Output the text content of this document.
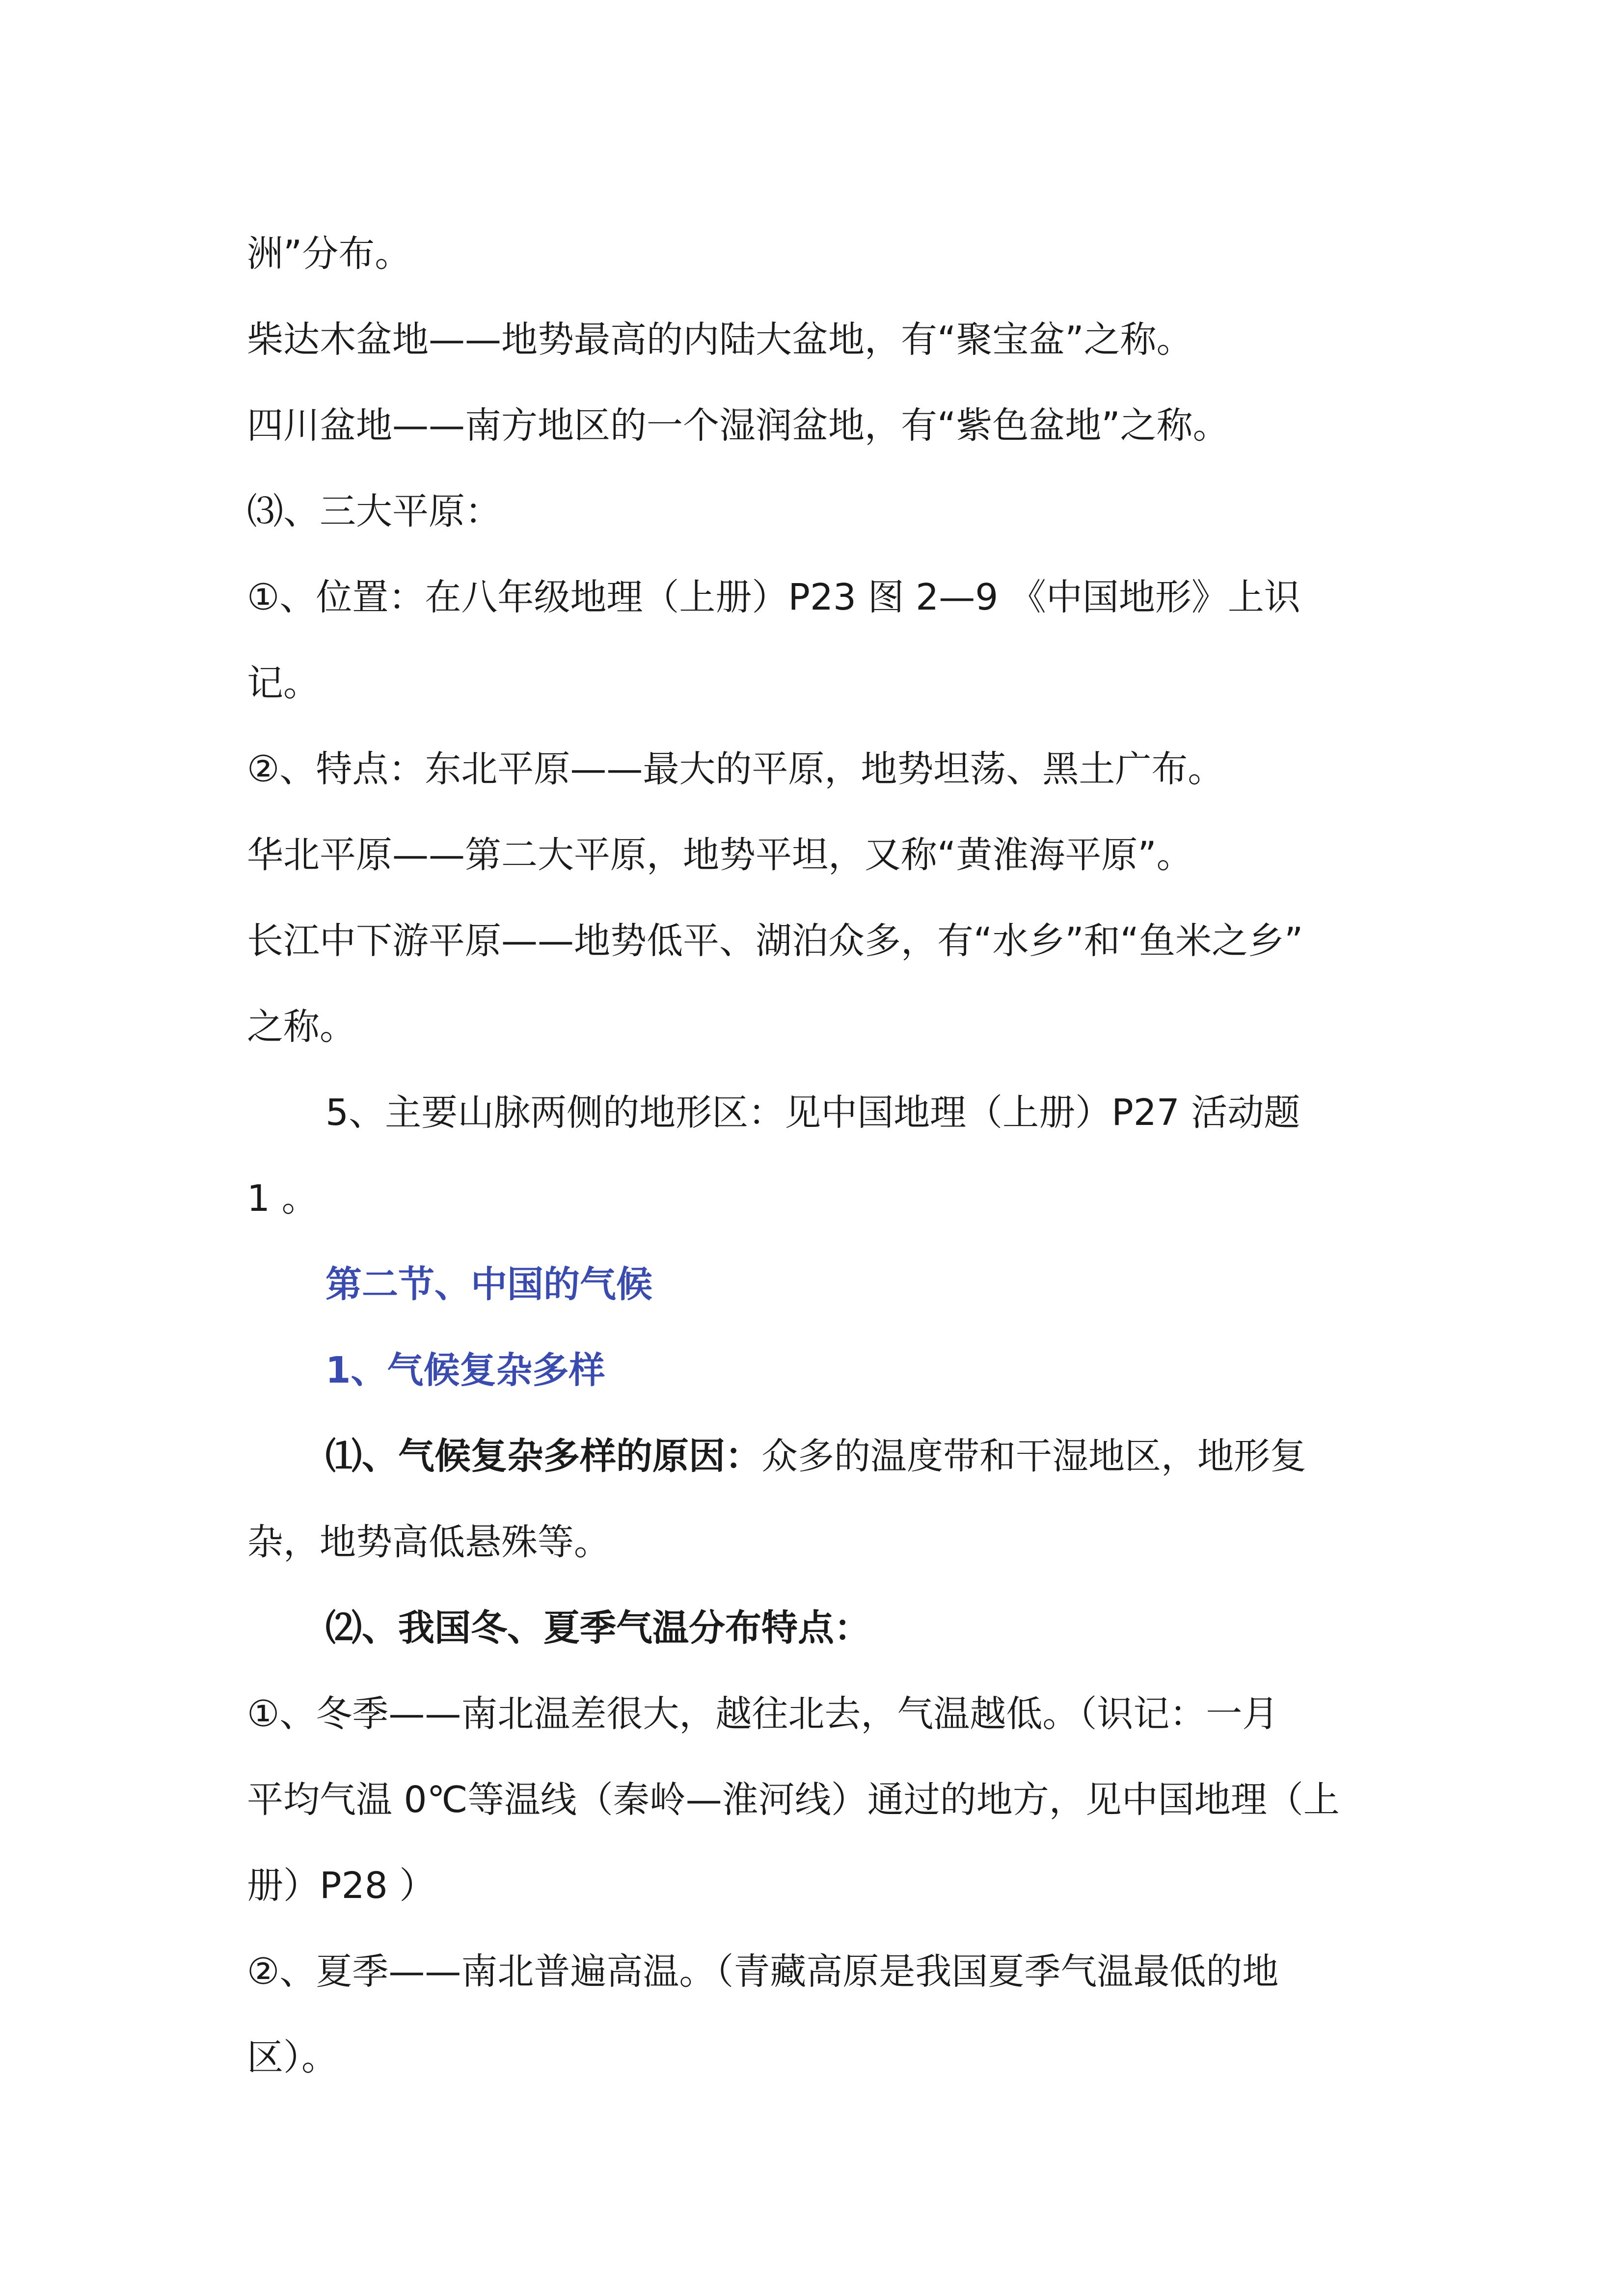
洲”分布。
柴达木盆地——地势最高的内陆大盆地，有“聚宝盆”之称。
四川盆地——南方地区的一个湿润盆地，有“紫色盆地”之称。
⑶、三大平原：
①、位置：在八年级地理（上册）P23 图 2—9 《中国地形》上识
记。
②、特点：东北平原——最大的平原，地势坦荡、黑土广布。
华北平原——第二大平原，地势平坦，又称“黄淮海平原”。
长江中下游平原——地势低平、湖泊众多，有“水乡”和“鱼米之乡”
之称。
5、主要山脉两侧的地形区：见中国地理（上册）P27 活动题
1 。
第二节、中国的气候
1、气候复杂多样
⑴、气候复杂多样的原因：众多的温度带和干湿地区，地形复
杂，地势高低悬殊等。
⑵、我国冬、夏季气温分布特点：
①、冬季——南北温差很大，越往北去，气温越低。（识记：一月
平均气温 0℃等温线（秦岭—淮河线）通过的地方，见中国地理（上
册）P28 ）
②、夏季——南北普遍高温。（青藏高原是我国夏季气温最低的地
区）。
